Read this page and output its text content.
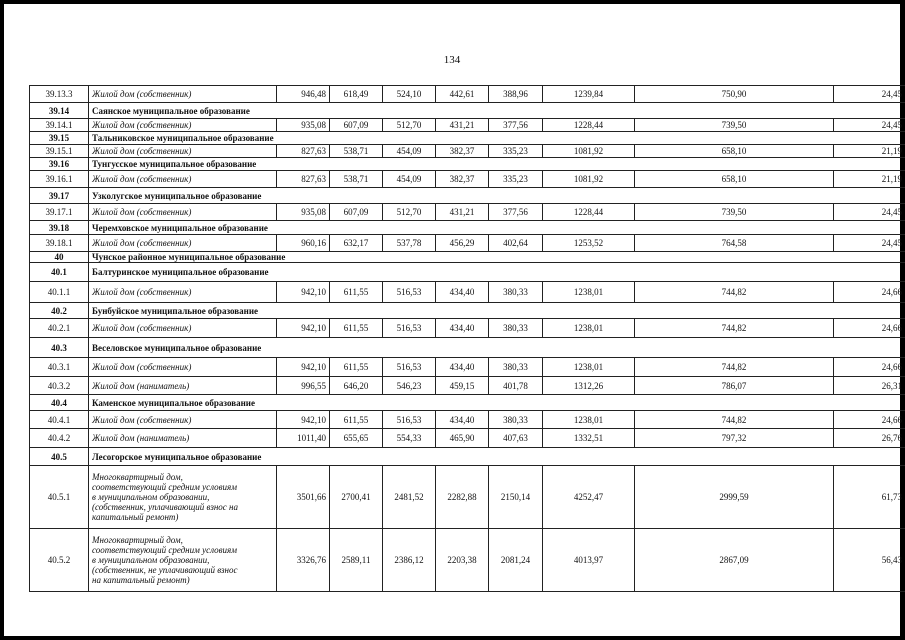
134
39.13.3	Жилой дом (собственник)	946,48	618,49	524,10	442,61	388,96	1239,84	750,90	24,45
39.14	Саянское муниципальное образование								
39.14.1	Жилой дом (собственник)	935,08	607,09	512,70	431,21	377,56	1228,44	739,50	24,45
39.15	Тальниковское муниципальное образование								
39.15.1	Жилой дом (собственник)	827,63	538,71	454,09	382,37	335,23	1081,92	658,10	21,19
39.16	Тунгусское муниципальное образование								
39.16.1	Жилой дом (собственник)	827,63	538,71	454,09	382,37	335,23	1081,92	658,10	21,19
39.17	Узколугское муниципальное образование								
39.17.1	Жилой дом (собственник)	935,08	607,09	512,70	431,21	377,56	1228,44	739,50	24,45
39.18	Черемховское муниципальное образование								
39.18.1	Жилой дом (собственник)	960,16	632,17	537,78	456,29	402,64	1253,52	764,58	24,45
40	Чунское районное муниципальное образование								
40.1	Балтуринское муниципальное образование								
40.1.1	Жилой дом (собственник)	942,10	611,55	516,53	434,40	380,33	1238,01	744,82	24,66
40.2	Бунбуйское муниципальное образование								
40.2.1	Жилой дом (собственник)	942,10	611,55	516,53	434,40	380,33	1238,01	744,82	24,66
40.3	Веселовское муниципальное образование								
40.3.1	Жилой дом (собственник)	942,10	611,55	516,53	434,40	380,33	1238,01	744,82	24,66
40.3.2	Жилой дом (наниматель)	996,55	646,20	546,23	459,15	401,78	1312,26	786,07	26,31
40.4	Каменское муниципальное образование								
40.4.1	Жилой дом (собственник)	942,10	611,55	516,53	434,40	380,33	1238,01	744,82	24,66
40.4.2	Жилой дом (наниматель)	1011,40	655,65	554,33	465,90	407,63	1332,51	797,32	26,76
40.5	Лесогорское муниципальное образование								
40.5.1	Многоквартирный дом,
соответствующий средним условиям
в муниципальном образовании,
(собственник, уплачивающий взнос на
капитальный ремонт)	3501,66	2700,41	2481,52	2282,88	2150,14	4252,47	2999,59	61,73
40.5.2	Многоквартирный дом,
соответствующий средним условиям
в муниципальном образовании,
(собственник, не уплачивающий взнос
на капитальный ремонт)	3326,76	2589,11	2386,12	2203,38	2081,24	4013,97	2867,09	56,43
